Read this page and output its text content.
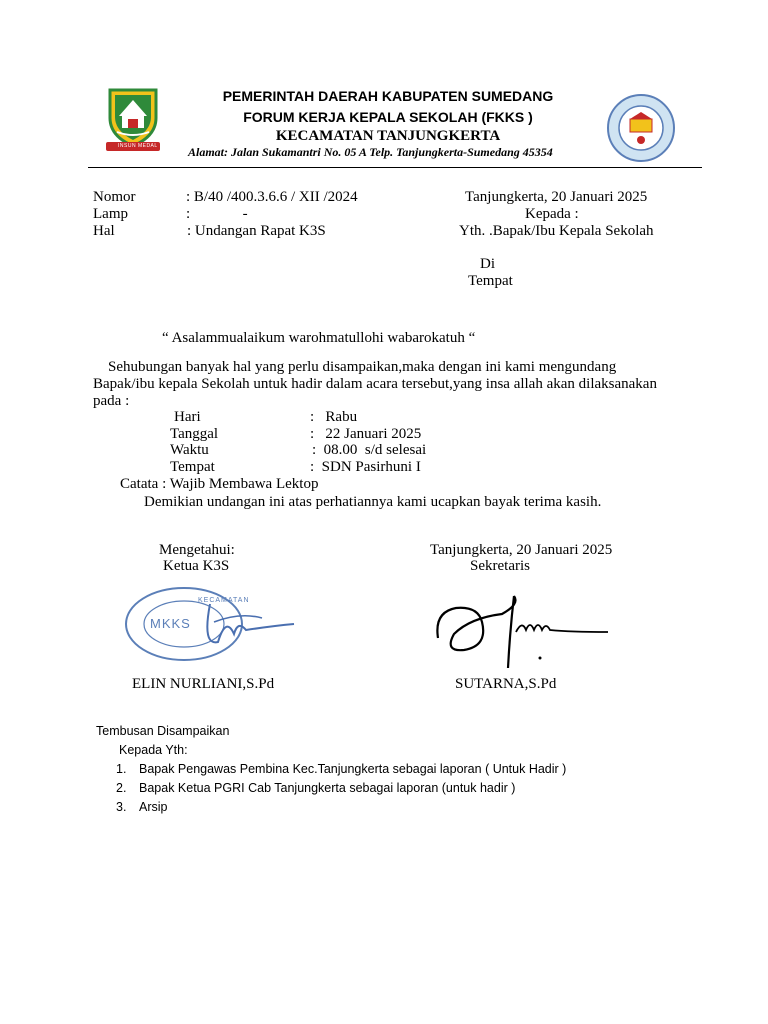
INSUN MEDAL
PEMERINTAH DAERAH KABUPATEN SUMEDANG
FORUM KERJA KEPALA SEKOLAH (FKKS )
KECAMATAN TANJUNGKERTA
Alamat: Jalan Sukamantri No. 05 A Telp. Tanjungkerta-Sumedang 45354
Nomor	: B/40 /400.3.6.6 / XII /2024
Lamp	:              -
Hal	: Undangan Rapat K3S
Tanjungkerta, 20 Januari 2025
Kepada :
Yth. .Bapak/Ibu Kepala Sekolah
Di
Tempat
“ Asalammualaikum warohmatullohi wabarokatuh “
Sehubungan banyak hal yang perlu disampaikan,maka dengan ini kami mengundang
Bapak/ibu kepala Sekolah untuk hadir dalam acara tersebut,yang insa allah akan dilaksanakan
pada :
Hari	:   Rabu
Tanggal	:   22 Januari 2025
Waktu	:  08.00  s/d selesai
Tempat	:  SDN Pasirhuni I
Catata : Wajib Membawa Lektop
Demikian undangan ini atas perhatiannya kami ucapkan bayak terima kasih.
Mengetahui:
Ketua K3S
KECAMATAN
MKKS
ELIN NURLIANI,S.Pd
Tanjungkerta, 20 Januari 2025
Sekretaris
SUTARNA,S.Pd
Tembusan Disampaikan
Kepada Yth:
1. Bapak Pengawas Pembina Kec.Tanjungkerta sebagai laporan ( Untuk Hadir )
2. Bapak Ketua PGRI Cab Tanjungkerta sebagai laporan (untuk hadir )
3. Arsip
